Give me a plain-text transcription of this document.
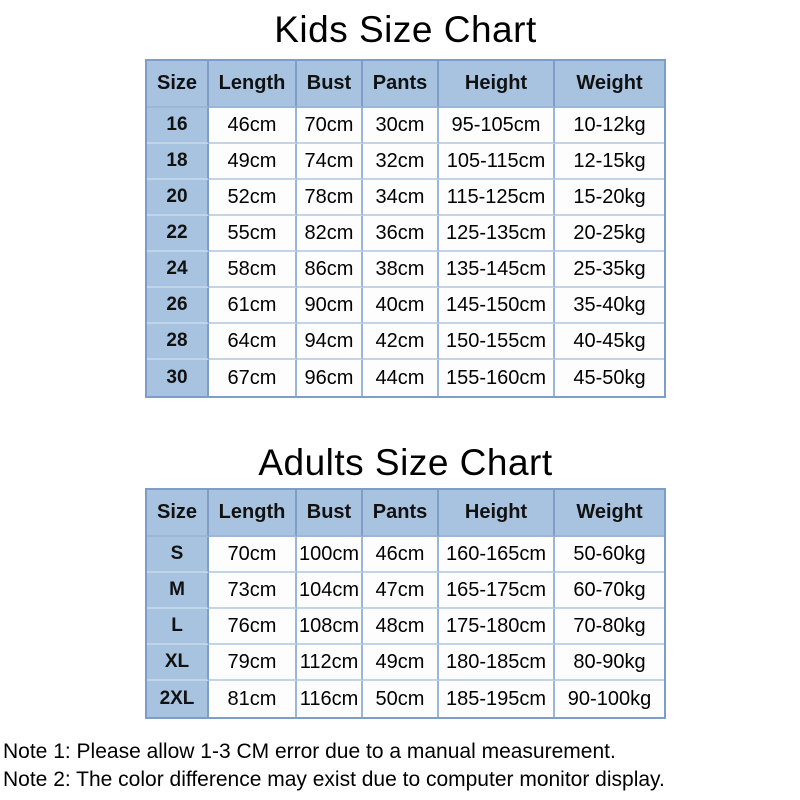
Kids Size Chart
Size	Length	Bust	Pants	Height	Weight
16	46cm	70cm	30cm	95-105cm	10-12kg
18	49cm	74cm	32cm	105-115cm	12-15kg
20	52cm	78cm	34cm	115-125cm	15-20kg
22	55cm	82cm	36cm	125-135cm	20-25kg
24	58cm	86cm	38cm	135-145cm	25-35kg
26	61cm	90cm	40cm	145-150cm	35-40kg
28	64cm	94cm	42cm	150-155cm	40-45kg
30	67cm	96cm	44cm	155-160cm	45-50kg
Adults Size Chart
Size	Length	Bust	Pants	Height	Weight
S	70cm	100cm	46cm	160-165cm	50-60kg
M	73cm	104cm	47cm	165-175cm	60-70kg
L	76cm	108cm	48cm	175-180cm	70-80kg
XL	79cm	112cm	49cm	180-185cm	80-90kg
2XL	81cm	116cm	50cm	185-195cm	90-100kg
Note 1: Please allow 1-3 CM error due to a manual measurement.
Note 2: The color difference may exist due to computer monitor display.
